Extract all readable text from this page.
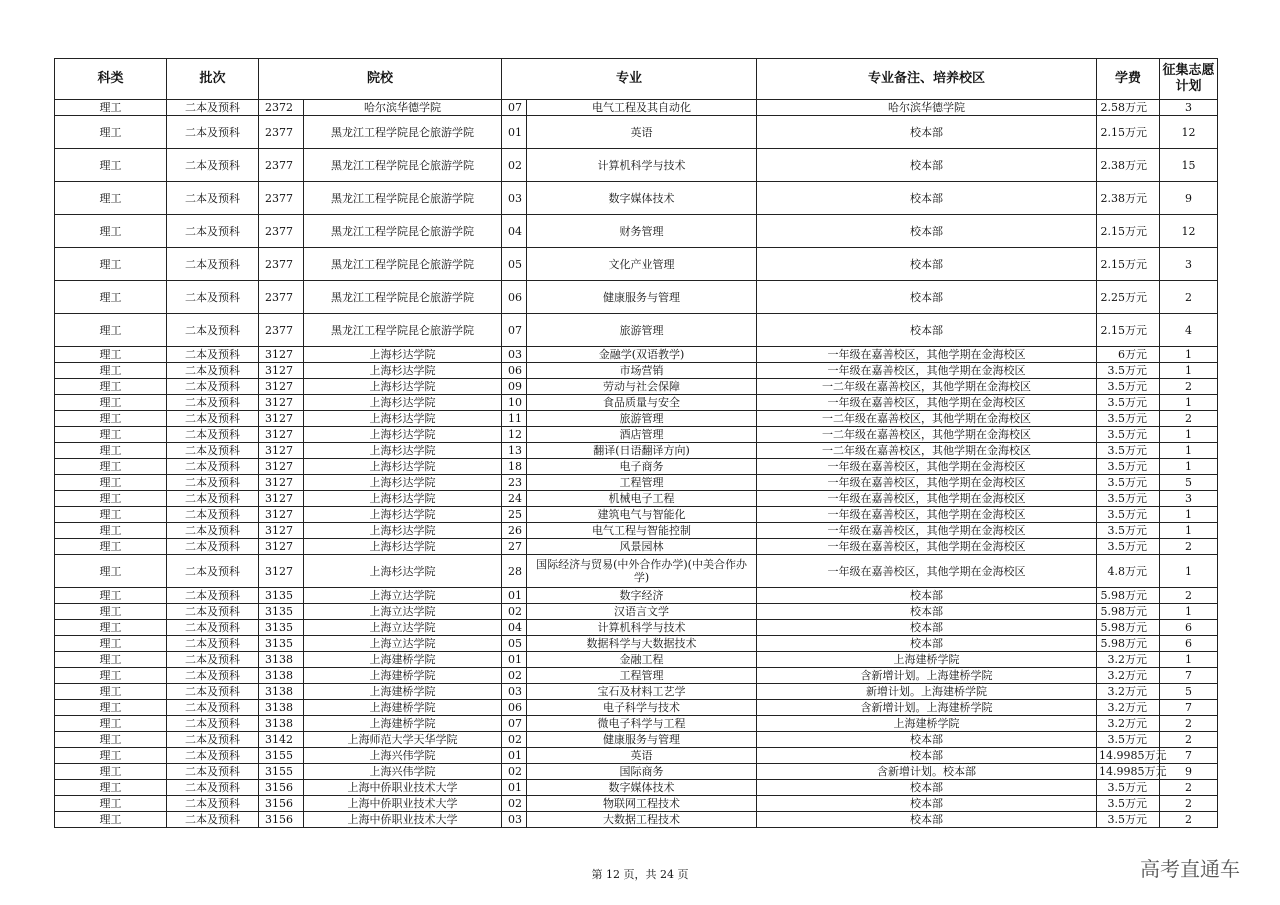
科类	批次	院校		专业		专业备注、培养校区	学费	征集志愿计划
理工	二本及预科	2372	哈尔滨华德学院	07	电气工程及其自动化	哈尔滨华德学院	2.58万元	3
理工	二本及预科	2377	黑龙江工程学院昆仑旅游学院	01	英语	校本部	2.15万元	12
理工	二本及预科	2377	黑龙江工程学院昆仑旅游学院	02	计算机科学与技术	校本部	2.38万元	15
理工	二本及预科	2377	黑龙江工程学院昆仑旅游学院	03	数字媒体技术	校本部	2.38万元	9
理工	二本及预科	2377	黑龙江工程学院昆仑旅游学院	04	财务管理	校本部	2.15万元	12
理工	二本及预科	2377	黑龙江工程学院昆仑旅游学院	05	文化产业管理	校本部	2.15万元	3
理工	二本及预科	2377	黑龙江工程学院昆仑旅游学院	06	健康服务与管理	校本部	2.25万元	2
理工	二本及预科	2377	黑龙江工程学院昆仑旅游学院	07	旅游管理	校本部	2.15万元	4
理工	二本及预科	3127	上海杉达学院	03	金融学(双语教学)	一年级在嘉善校区，其他学期在金海校区	6万元	1
理工	二本及预科	3127	上海杉达学院	06	市场营销	一年级在嘉善校区，其他学期在金海校区	3.5万元	1
理工	二本及预科	3127	上海杉达学院	09	劳动与社会保障	一二年级在嘉善校区，其他学期在金海校区	3.5万元	2
理工	二本及预科	3127	上海杉达学院	10	食品质量与安全	一年级在嘉善校区，其他学期在金海校区	3.5万元	1
理工	二本及预科	3127	上海杉达学院	11	旅游管理	一二年级在嘉善校区，其他学期在金海校区	3.5万元	2
理工	二本及预科	3127	上海杉达学院	12	酒店管理	一二年级在嘉善校区，其他学期在金海校区	3.5万元	1
理工	二本及预科	3127	上海杉达学院	13	翻译(日语翻译方向)	一二年级在嘉善校区，其他学期在金海校区	3.5万元	1
理工	二本及预科	3127	上海杉达学院	18	电子商务	一年级在嘉善校区，其他学期在金海校区	3.5万元	1
理工	二本及预科	3127	上海杉达学院	23	工程管理	一年级在嘉善校区，其他学期在金海校区	3.5万元	5
理工	二本及预科	3127	上海杉达学院	24	机械电子工程	一年级在嘉善校区，其他学期在金海校区	3.5万元	3
理工	二本及预科	3127	上海杉达学院	25	建筑电气与智能化	一年级在嘉善校区，其他学期在金海校区	3.5万元	1
理工	二本及预科	3127	上海杉达学院	26	电气工程与智能控制	一年级在嘉善校区，其他学期在金海校区	3.5万元	1
理工	二本及预科	3127	上海杉达学院	27	风景园林	一年级在嘉善校区，其他学期在金海校区	3.5万元	2
理工	二本及预科	3127	上海杉达学院	28	国际经济与贸易(中外合作办学)(中美合作办学)	一年级在嘉善校区，其他学期在金海校区	4.8万元	1
理工	二本及预科	3135	上海立达学院	01	数字经济	校本部	5.98万元	2
理工	二本及预科	3135	上海立达学院	02	汉语言文学	校本部	5.98万元	1
理工	二本及预科	3135	上海立达学院	04	计算机科学与技术	校本部	5.98万元	6
理工	二本及预科	3135	上海立达学院	05	数据科学与大数据技术	校本部	5.98万元	6
理工	二本及预科	3138	上海建桥学院	01	金融工程	上海建桥学院	3.2万元	1
理工	二本及预科	3138	上海建桥学院	02	工程管理	含新增计划。上海建桥学院	3.2万元	7
理工	二本及预科	3138	上海建桥学院	03	宝石及材料工艺学	新增计划。上海建桥学院	3.2万元	5
理工	二本及预科	3138	上海建桥学院	06	电子科学与技术	含新增计划。上海建桥学院	3.2万元	7
理工	二本及预科	3138	上海建桥学院	07	微电子科学与工程	上海建桥学院	3.2万元	2
理工	二本及预科	3142	上海师范大学天华学院	02	健康服务与管理	校本部	3.5万元	2
理工	二本及预科	3155	上海兴伟学院	01	英语	校本部	14.9985万元	7
理工	二本及预科	3155	上海兴伟学院	02	国际商务	含新增计划。校本部	14.9985万元	9
理工	二本及预科	3156	上海中侨职业技术大学	01	数字媒体技术	校本部	3.5万元	2
理工	二本及预科	3156	上海中侨职业技术大学	02	物联网工程技术	校本部	3.5万元	2
理工	二本及预科	3156	上海中侨职业技术大学	03	大数据工程技术	校本部	3.5万元	2
第 12 页，共 24 页	高考直通车
